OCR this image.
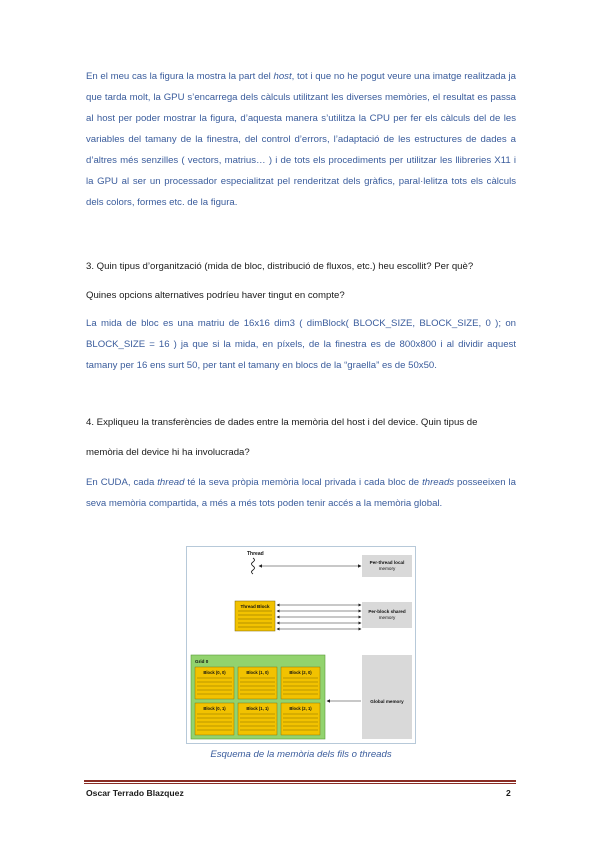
En el meu cas la figura la mostra la part del host, tot i que no he pogut veure una imatge realitzada ja que tarda molt, la GPU s’encarrega dels càlculs utilitzant les diverses memòries, el resultat es passa al host per poder mostrar la figura, d’aquesta manera s’utilitza la CPU per fer els càlculs del de les variables del tamany de la finestra, del control d’errors, l’adaptació de les estructures de dades a d’altres més senzilles ( vectors, matrius… ) i de tots els procediments per utilitzar les llibreries X11 i la GPU al ser un processador especialitzat pel renderitzat dels gràfics, paral·lelitza tots els càlculs dels colors, formes etc. de la figura.
3. Quin tipus d’organització (mida de bloc, distribució de fluxos, etc.) heu escollit? Per què?
Quines opcions alternatives podríeu haver tingut en compte?
La mida de bloc es una matriu de 16x16 dim3 ( dimBlock( BLOCK_SIZE, BLOCK_SIZE, 0 ); on BLOCK_SIZE = 16 ) ja que si la mida, en píxels, de la finestra es de 800x800 i al dividir aquest tamany per 16 ens surt 50, per tant el tamany en blocs de la “graella” es de 50x50.
4. Expliqueu la transferències de dades entre la memòria del host i del device. Quin tipus de
memòria del device hi ha involucrada?
En CUDA, cada thread té la seva pròpia memòria local privada i cada bloc de threads posseeixen la seva memòria compartida, a més a més tots poden tenir accés a la memòria global.
Thread
Per-thread local
memory
Thread Block
Per-block shared
memory
Grid 0
Block (0, 0)	Block (1, 0)	Block (2, 0)
Block (0, 1)	Block (1, 1)	Block (2, 1)
Global memory
Esquema de la memòria dels fils o threads
Oscar Terrado Blazquez	2
